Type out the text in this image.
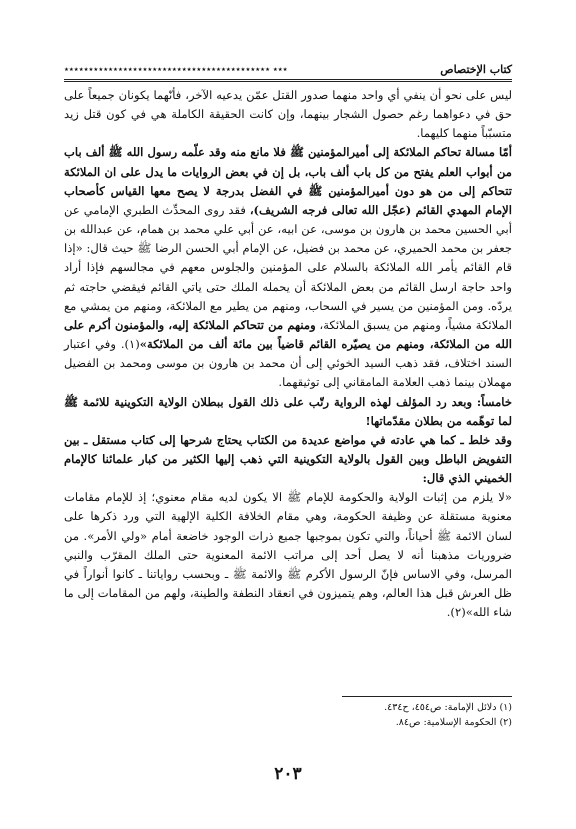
كتاب الإختصاص
٭٭٭ ٭٭٭٭٭٭٭٭٭٭٭٭٭٭٭٭٭٭٭٭٭٭٭٭٭٭٭٭٭٭٭٭٭٭٭٭٭٭٭٭٭٭

ليس على نحو أن ينفي أي واحد منهما صدور القتل عمّن يدعيه الآخر، فأنّهما يكونان جميعاً على حق في دعواهما رغم حصول الشجار بينهما، وإن كانت الحقيقة الكاملة هي في كون قتل زيد متسبّباً منهما كليهما.

أمّا مسالة تحاكم الملائكة إلى أميرالمؤمنين ﷺ فلا مانع منه وقد علّمه رسول الله ﷺ ألف باب من أبواب العلم يفتح من كل باب ألف باب، بل إن في بعض الروايات ما يدل على ان الملائكة تتحاكم إلى من هو دون أميرالمؤمنين ﷺ في الفضل بدرجة لا يصح معها القياس كأصحاب الإمام المهدي القائم (عجّل الله تعالى فرجه الشريف)، فقد روى المحدِّث الطبري الإمامي عن أبي الحسين محمد بن هارون بن موسى، عن ابيه، عن أبي علي محمد بن همام، عن عبدالله بن جعفر بن محمد الحميري، عن محمد بن فضيل، عن الإمام أبي الحسن الرضا ﷺ حيث قال: «إذا قام القائم يأمر الله الملائكة بالسلام على المؤمنين والجلوس معهم في مجالسهم فإذا أراد واحد حاجة ارسل القائم من بعض الملائكة أن يحمله الملك حتى ياتي القائم فيقضي حاجته ثم يردّه. ومن المؤمنين من يسير في السحاب، ومنهم من يطير مع الملائكة، ومنهم من يمشي مع الملائكة مشياً، ومنهم من يسبق الملائكة، ومنهم من تتحاكم الملائكة إليه، والمؤمنون أكرم على الله من الملائكة، ومنهم من يصيّره القائم قاضياً بين مائة ألف من الملائكة»(١). وفي اعتبار السند اختلاف، فقد ذهب السيد الخوئي إلى أن محمد بن هارون بن موسى ومحمد بن الفضيل مهملان بينما ذهب العلامة المامقاني إلى توثيقهما.

خامساً: وبعد رد المؤلف لهذه الرواية رتّب على ذلك القول ببطلان الولاية التكوينية للائمة ﷺ لما توهّمه من بطلان مقدّماتها!

وقد خلط ـ كما هي عادته في مواضع عديدة من الكتاب يحتاج شرحها إلى كتاب مستقل ـ بين التفويض الباطل وبين القول بالولاية التكوينية التي ذهب إليها الكثير من كبار علمائنا كالإمام الخميني الذي قال:

«لا يلزم من إثبات الولاية والحكومة للإمام ﷺ الا يكون لديه مقام معنوي؛ إذ للإمام مقامات معنوية مستقلة عن وظيفة الحكومة، وهي مقام الخلافة الكلية الإلهية التي ورد ذكرها على لسان الائمة ﷺ أحياناً، والتي تكون بموجبها جميع ذرات الوجود خاضعة أمام «ولي الأمر». من ضروريات مذهبنا أنه لا يصل أحد إلى مراتب الائمة المعنوية حتى الملك المقرّب والنبي المرسل، وفي الاساس فإنّ الرسول الأكرم ﷺ والائمة ﷺ ـ وبحسب رواياتنا ـ كانوا أنواراً في ظل العرش قبل هذا العالم، وهم يتميزون في انعقاد النطفة والطينة، ولهم من المقامات إلى ما شاء الله»(٢).

(١) دلائل الإمامة: ص٤٥٤، ح٤٣٤.
(٢) الحكومة الإسلامية: ص٨٤.
٢٠٣
